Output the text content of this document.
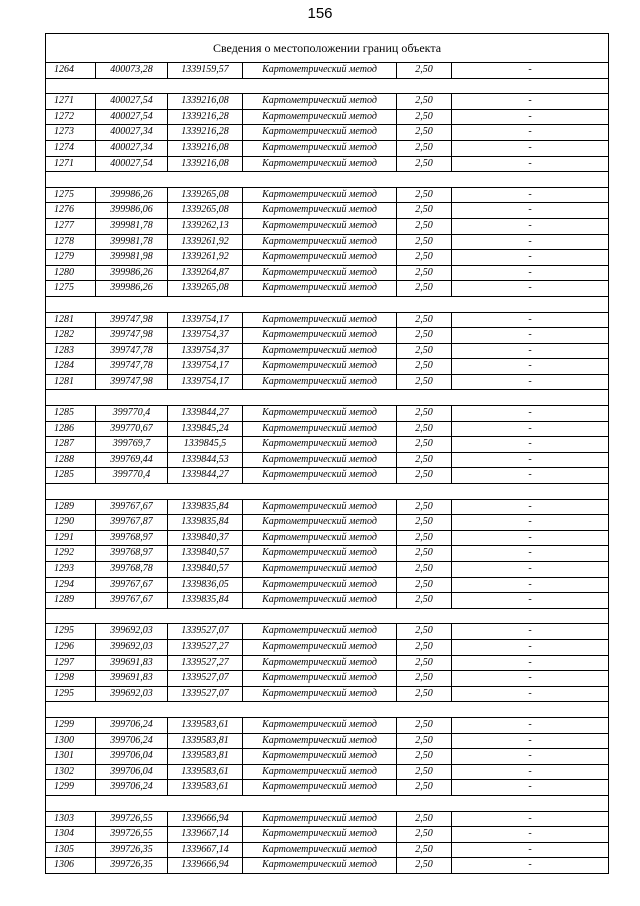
156
Сведения о местоположении границ объекта					
1264	400073,28	1339159,57	Картометрический метод	2,50	-

1271	400027,54	1339216,08	Картометрический метод	2,50	-
1272	400027,54	1339216,28	Картометрический метод	2,50	-
1273	400027,34	1339216,28	Картометрический метод	2,50	-
1274	400027,34	1339216,08	Картометрический метод	2,50	-
1271	400027,54	1339216,08	Картометрический метод	2,50	-

1275	399986,26	1339265,08	Картометрический метод	2,50	-
1276	399986,06	1339265,08	Картометрический метод	2,50	-
1277	399981,78	1339262,13	Картометрический метод	2,50	-
1278	399981,78	1339261,92	Картометрический метод	2,50	-
1279	399981,98	1339261,92	Картометрический метод	2,50	-
1280	399986,26	1339264,87	Картометрический метод	2,50	-
1275	399986,26	1339265,08	Картометрический метод	2,50	-

1281	399747,98	1339754,17	Картометрический метод	2,50	-
1282	399747,98	1339754,37	Картометрический метод	2,50	-
1283	399747,78	1339754,37	Картометрический метод	2,50	-
1284	399747,78	1339754,17	Картометрический метод	2,50	-
1281	399747,98	1339754,17	Картометрический метод	2,50	-

1285	399770,4	1339844,27	Картометрический метод	2,50	-
1286	399770,67	1339845,24	Картометрический метод	2,50	-
1287	399769,7	1339845,5	Картометрический метод	2,50	-
1288	399769,44	1339844,53	Картометрический метод	2,50	-
1285	399770,4	1339844,27	Картометрический метод	2,50	-

1289	399767,67	1339835,84	Картометрический метод	2,50	-
1290	399767,87	1339835,84	Картометрический метод	2,50	-
1291	399768,97	1339840,37	Картометрический метод	2,50	-
1292	399768,97	1339840,57	Картометрический метод	2,50	-
1293	399768,78	1339840,57	Картометрический метод	2,50	-
1294	399767,67	1339836,05	Картометрический метод	2,50	-
1289	399767,67	1339835,84	Картометрический метод	2,50	-

1295	399692,03	1339527,07	Картометрический метод	2,50	-
1296	399692,03	1339527,27	Картометрический метод	2,50	-
1297	399691,83	1339527,27	Картометрический метод	2,50	-
1298	399691,83	1339527,07	Картометрический метод	2,50	-
1295	399692,03	1339527,07	Картометрический метод	2,50	-

1299	399706,24	1339583,61	Картометрический метод	2,50	-
1300	399706,24	1339583,81	Картометрический метод	2,50	-
1301	399706,04	1339583,81	Картометрический метод	2,50	-
1302	399706,04	1339583,61	Картометрический метод	2,50	-
1299	399706,24	1339583,61	Картометрический метод	2,50	-

1303	399726,55	1339666,94	Картометрический метод	2,50	-
1304	399726,55	1339667,14	Картометрический метод	2,50	-
1305	399726,35	1339667,14	Картометрический метод	2,50	-
1306	399726,35	1339666,94	Картометрический метод	2,50	-
